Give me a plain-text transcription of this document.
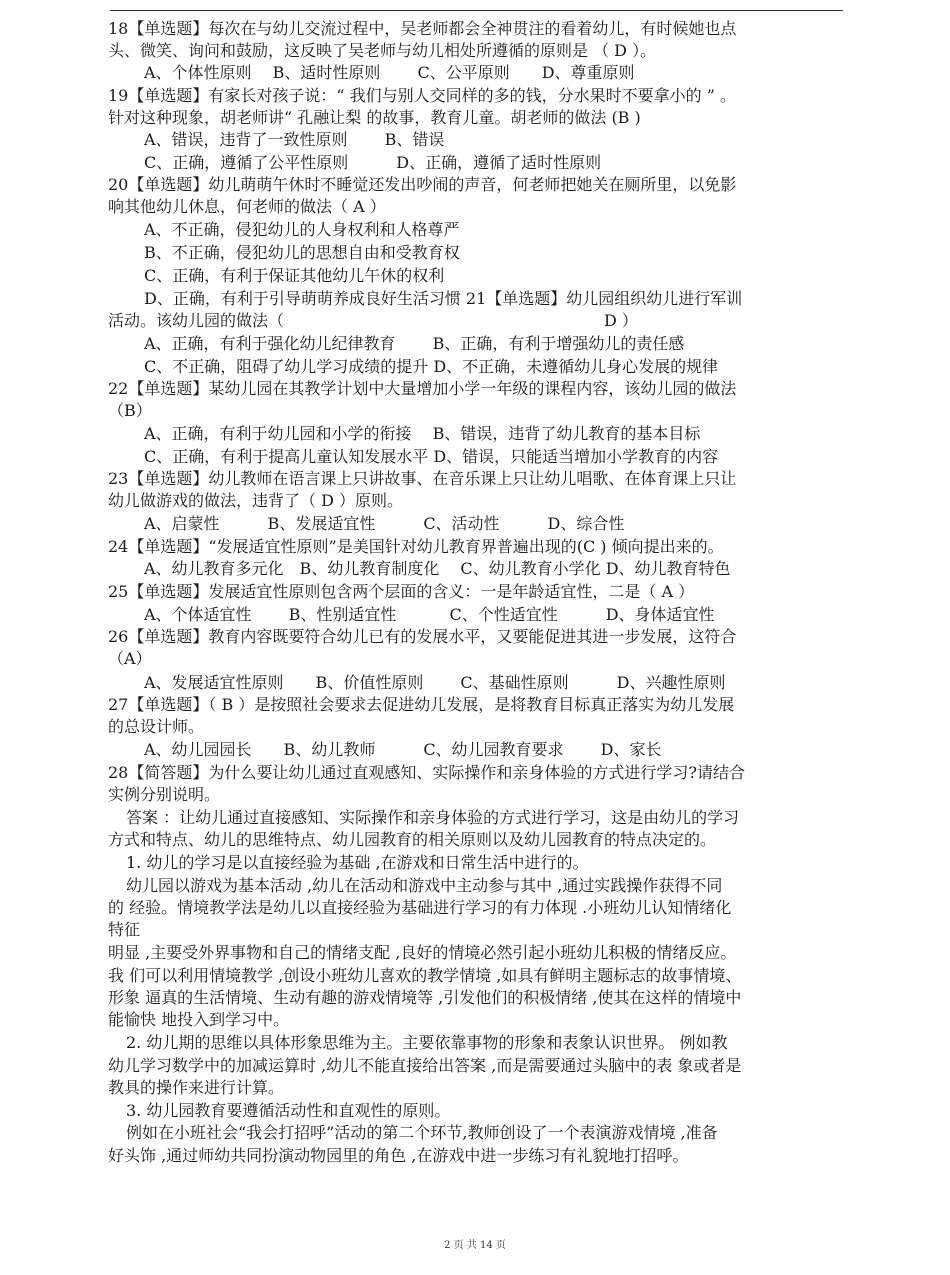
18【单选题】每次在与幼儿交流过程中，吴老师都会全神贯注的看着幼儿，有时候她也点
头、微笑、询问和鼓励，这反映了吴老师与幼儿相处所遵循的原则是 （ D ）。
A、个体性原则　 B、适时性原则　　 C、公平原则　　D、尊重原则
19【单选题】有家长对孩子说：“ 我们与别人交同样的多的钱，分水果时不要拿小的 ” 。
针对这种现象，胡老师讲“ 孔融让梨 的故事，教育儿童。胡老师的做法 (B )
A、错误，违背了一致性原则　　 B、错误
C、正确，遵循了公平性原则　　　D、正确，遵循了适时性原则
20【单选题】幼儿萌萌午休时不睡觉还发出吵闹的声音，何老师把她关在厕所里，以免影
响其他幼儿休息，何老师的做法（ A ）
A、不正确，侵犯幼儿的人身权利和人格尊严
B、不正确，侵犯幼儿的思想自由和受教育权
C、正确，有利于保证其他幼儿午休的权利
D、正确，有利于引导萌萌养成良好生活习惯 21【单选题】幼儿园组织幼儿进行军训
活动。该幼儿园的做法（　　　　　　　　　　　　　　　　　　　　D ）
A、正确，有利于强化幼儿纪律教育　　 B、正确，有利于增强幼儿的责任感
C、不正确，阻碍了幼儿学习成绩的提升 D、不正确，未遵循幼儿身心发展的规律
22【单选题】某幼儿园在其教学计划中大量增加小学一年级的课程内容，该幼儿园的做法
（B）
A、正确，有利于幼儿园和小学的衔接　 B、错误，违背了幼儿教育的基本目标
C、正确，有利于提高儿童认知发展水平 D、错误，只能适当增加小学教育的内容
23【单选题】幼儿教师在语言课上只讲故事、在音乐课上只让幼儿唱歌、在体育课上只让
幼儿做游戏的做法，违背了（ D ）原则。
A、启蒙性　　　B、发展适宜性　　　C、活动性　　　D、综合性
24【单选题】“发展适宜性原则”是美国针对幼儿教育界普遍出现的(C ) 倾向提出来的。
A、幼儿教育多元化　B、幼儿教育制度化　 C、幼儿教育小学化 D、幼儿教育特色
25【单选题】发展适宜性原则包含两个层面的含义：一是年龄适宜性，二是（ A ）
A、个体适宜性　　 B、性别适宜性　　　 C、个性适宜性　　　D、身体适宜性
26【单选题】教育内容既要符合幼儿已有的发展水平，又要能促进其进一步发展，这符合
（A）
A、发展适宜性原则　　B、价值性原则　　 C、基础性原则　　　D、兴趣性原则
27【单选题】（ B ）是按照社会要求去促进幼儿发展，是将教育目标真正落实为幼儿发展
的总设计师。
A、幼儿园园长　　B、幼儿教师　　　C、幼儿园教育要求　　 D、家长
28【简答题】为什么要让幼儿通过直观感知、实际操作和亲身体验的方式进行学习?请结合
实例分别说明。
答案 ：让幼儿通过直接感知、实际操作和亲身体验的方式进行学习，这是由幼儿的学习
方式和特点、幼儿的思维特点、幼儿园教育的相关原则以及幼儿园教育的特点决定的。
1. 幼儿的学习是以直接经验为基础 ,在游戏和日常生活中进行的。
幼儿园以游戏为基本活动 ,幼儿在活动和游戏中主动参与其中 ,通过实践操作获得不同
的 经验。情境教学法是幼儿以直接经验为基础进行学习的有力体现 .小班幼儿认知情绪化
特征
明显 ,主要受外界事物和自己的情绪支配 ,良好的情境必然引起小班幼儿积极的情绪反应。
我 们可以利用情境教学 ,创设小班幼儿喜欢的教学情境 ,如具有鲜明主题标志的故事情境、
形象 逼真的生活情境、生动有趣的游戏情境等 ,引发他们的积极情绪 ,使其在这样的情境中
能愉快 地投入到学习中。
2. 幼儿期的思维以具体形象思维为主。主要依靠事物的形象和表象认识世界。 例如教
幼儿学习数学中的加减运算时 ,幼儿不能直接给出答案 ,而是需要通过头脑中的表 象或者是
教具的操作来进行计算。
3. 幼儿园教育要遵循活动性和直观性的原则。
例如在小班社会“我会打招呼”活动的第二个环节,教师创设了一个表演游戏情境 ,准备
好头饰 ,通过师幼共同扮演动物园里的角色 ,在游戏中进一步练习有礼貌地打招呼。
2 页 共 14 页
